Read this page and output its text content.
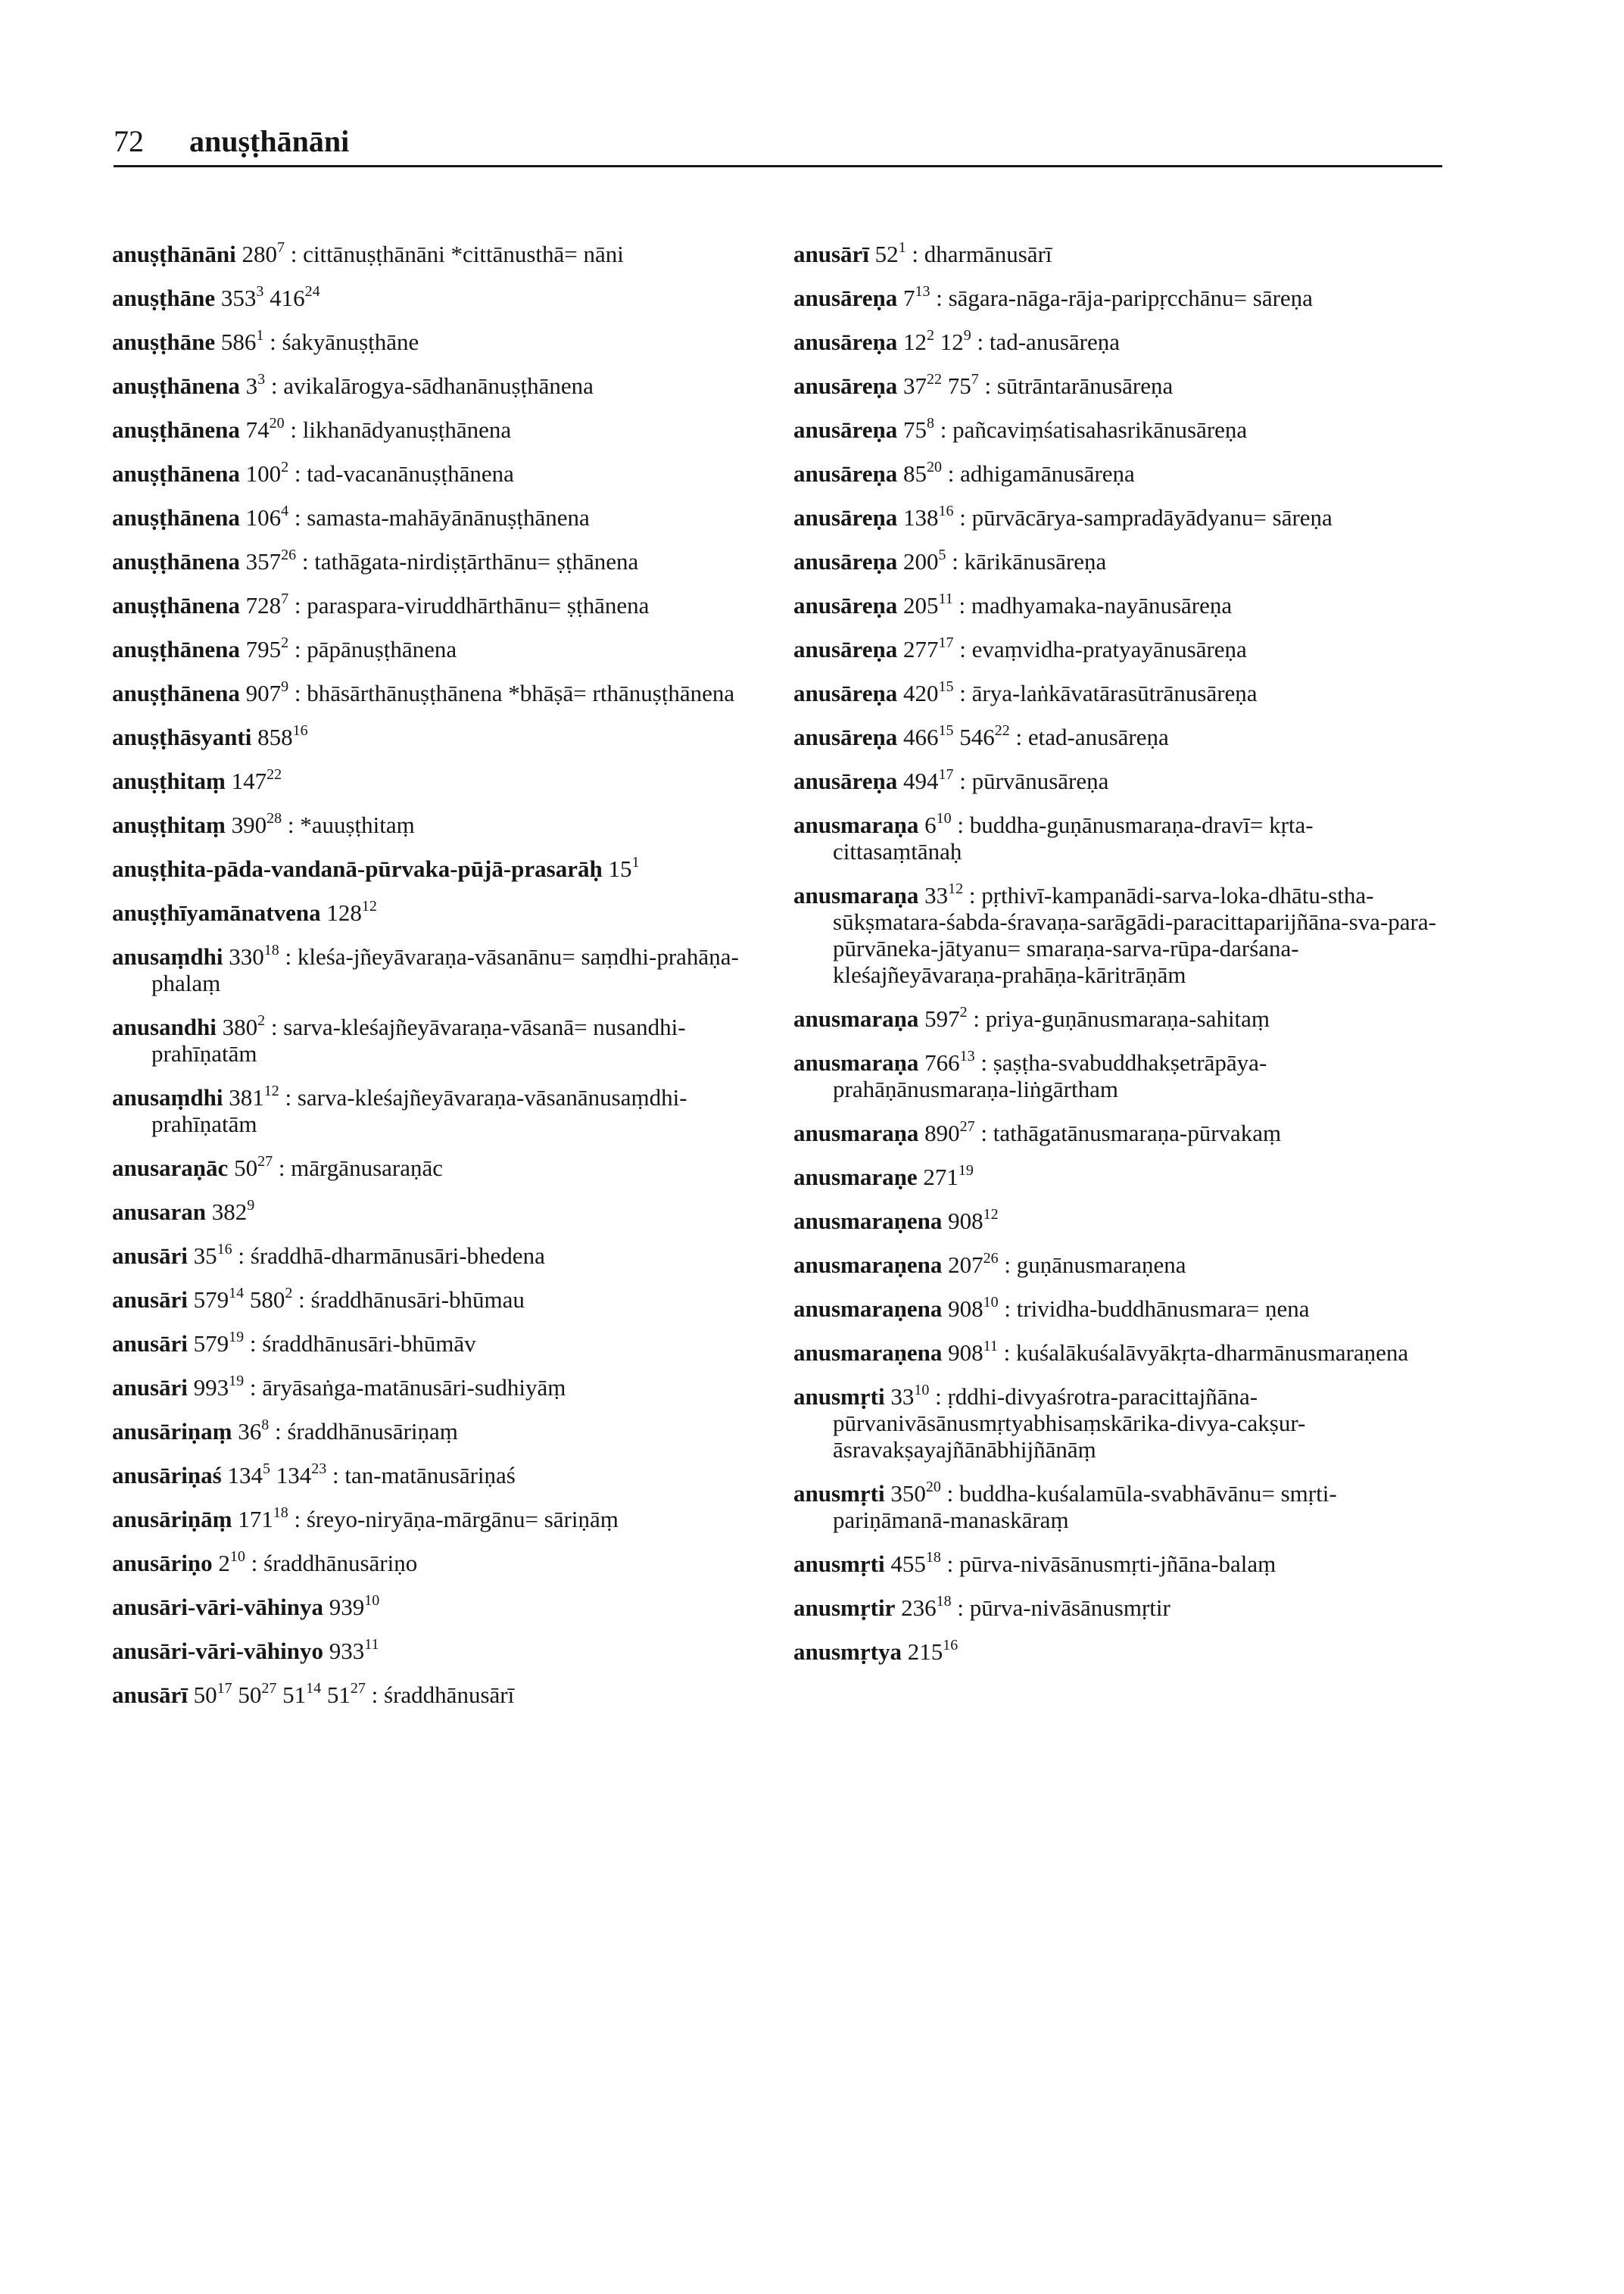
72 anuṣṭhānāni
anuṣṭhānāni $280^7$ : cittānuṣṭhānāni *cittānusthā= nāni
anuṣṭhāne $353^3$ $416^{24}$
anuṣṭhāne $586^1$ : śakyānuṣṭhāne
anuṣṭhānena $3^3$ : avikalārogya-sādhanānuṣṭhānena
anuṣṭhānena $74^{20}$ : likhanādyanuṣṭhānena
anuṣṭhānena $100^2$ : tad-vacanānuṣṭhānena
anuṣṭhānena $106^4$ : samasta-mahāyānānuṣṭhānena
anuṣṭhānena $357^{26}$ : tathāgata-nirdiṣṭārthānu= ṣṭhānena
anuṣṭhānena $728^7$ : paraspara-viruddhārthānu= ṣṭhānena
anuṣṭhānena $795^2$ : pāpānuṣṭhānena
anuṣṭhānena $907^9$ : bhāsārthānuṣṭhānena *bhāṣā= rthānuṣṭhānena
anuṣṭhāsyanti $858^{16}$
anuṣṭhitaṃ $147^{22}$
anuṣṭhitaṃ $390^{28}$ : *auuṣṭhitaṃ
anuṣṭhita-pāda-vandanā-pūrvaka-pūjā-prasarāḥ $15^1$
anuṣṭhīyamānatvena $128^{12}$
anusaṃdhi $330^{18}$ : kleśa-jñeyāvaraṇa-vāsanānu= saṃdhi-prahāṇa-phalaṃ
anusandhi $380^2$ : sarva-kleśajñeyāvaraṇa-vāsanā= nusandhi-prahīṇatām
anusaṃdhi $381^{12}$ : sarva-kleśajñeyāvaraṇa-vāsanānusaṃdhi-prahīṇatām
anusaraṇāc $50^{27}$ : mārgānusaraṇāc
anusaran $382^9$
anusāri $35^{16}$ : śraddhā-dharmānusāri-bhedena
anusāri $579^{14}$ $580^2$ : śraddhānusāri-bhūmau
anusāri $579^{19}$ : śraddhānusāri-bhūmāv
anusāri $993^{19}$ : āryāsaṅga-matānusāri-sudhiyāṃ
anusāriṇaṃ $36^8$ : śraddhānusāriṇaṃ
anusāriṇaś $134^5$ $134^{23}$ : tan-matānusāriṇaś
anusāriṇāṃ $171^{18}$ : śreyo-niryāṇa-mārgānu= sāriṇāṃ
anusāriṇo $2^{10}$ : śraddhānusāriṇo
anusāri-vāri-vāhinya $939^{10}$
anusāri-vāri-vāhinyo $933^{11}$
anusārī $50^{17}$ $50^{27}$ $51^{14}$ $51^{27}$ : śraddhānusārī
anusārī $52^1$ : dharmānusārī
anusāreṇa $7^{13}$ : sāgara-nāga-rāja-paripṛcchānu= sāreṇa
anusāreṇa $12^2$ $12^9$ : tad-anusāreṇa
anusāreṇa $37^{22}$ $75^7$ : sūtrāntarānusāreṇa
anusāreṇa $75^8$ : pañcaviṃśatisahasrikānusāreṇa
anusāreṇa $85^{20}$ : adhigamānusāreṇa
anusāreṇa $138^{16}$ : pūrvācārya-sampradāyādyanu= sāreṇa
anusāreṇa $200^5$ : kārikānusāreṇa
anusāreṇa $205^{11}$ : madhyamaka-nayānusāreṇa
anusāreṇa $277^{17}$ : evaṃvidha-pratyayānusāreṇa
anusāreṇa $420^{15}$ : ārya-laṅkāvatārasūtrānusāreṇa
anusāreṇa $466^{15}$ $546^{22}$ : etad-anusāreṇa
anusāreṇa $494^{17}$ : pūrvānusāreṇa
anusmaraṇa $6^{10}$ : buddha-guṇānusmaraṇa-dravī= kṛta-cittasaṃtānaḥ
anusmaraṇa $33^{12}$ : pṛthivī-kampanādi-sarva-loka-dhātu-stha-sūkṣmatara-śabda-śravaṇa-sarāgādi-paracittaparijñāna-sva-para-pūrvāneka-jātyanu= smaraṇa-sarva-rūpa-darśana-kleśajñeyāvaraṇa-prahāṇa-kāritrāṇām
anusmaraṇa $597^2$ : priya-guṇānusmaraṇa-sahitaṃ
anusmaraṇa $766^{13}$ : ṣaṣṭha-svabuddhakṣetrāpāya-prahāṇānusmaraṇa-liṅgārtham
anusmaraṇa $890^{27}$ : tathāgatānusmaraṇa-pūrvakaṃ
anusmaraṇe $271^{19}$
anusmaraṇena $908^{12}$
anusmaraṇena $207^{26}$ : guṇānusmaraṇena
anusmaraṇena $908^{10}$ : trividha-buddhānusmara= ṇena
anusmaraṇena $908^{11}$ : kuśalākuśalāvyākṛta-dharmānusmaraṇena
anusmṛti $33^{10}$ : ṛddhi-divyaśrotra-paracittajñāna-pūrvanivāsānusmṛtyabhisaṃskārika-divya-cakṣur-āsravakṣayajñānābhijñānāṃ
anusmṛti $350^{20}$ : buddha-kuśalamūla-svabhāvānu= smṛti-pariṇāmanā-manaskāraṃ
anusmṛti $455^{18}$ : pūrva-nivāsānusmṛti-jñāna-balaṃ
anusmṛtir $236^{18}$ : pūrva-nivāsānusmṛtir
anusmṛtya $215^{16}$
